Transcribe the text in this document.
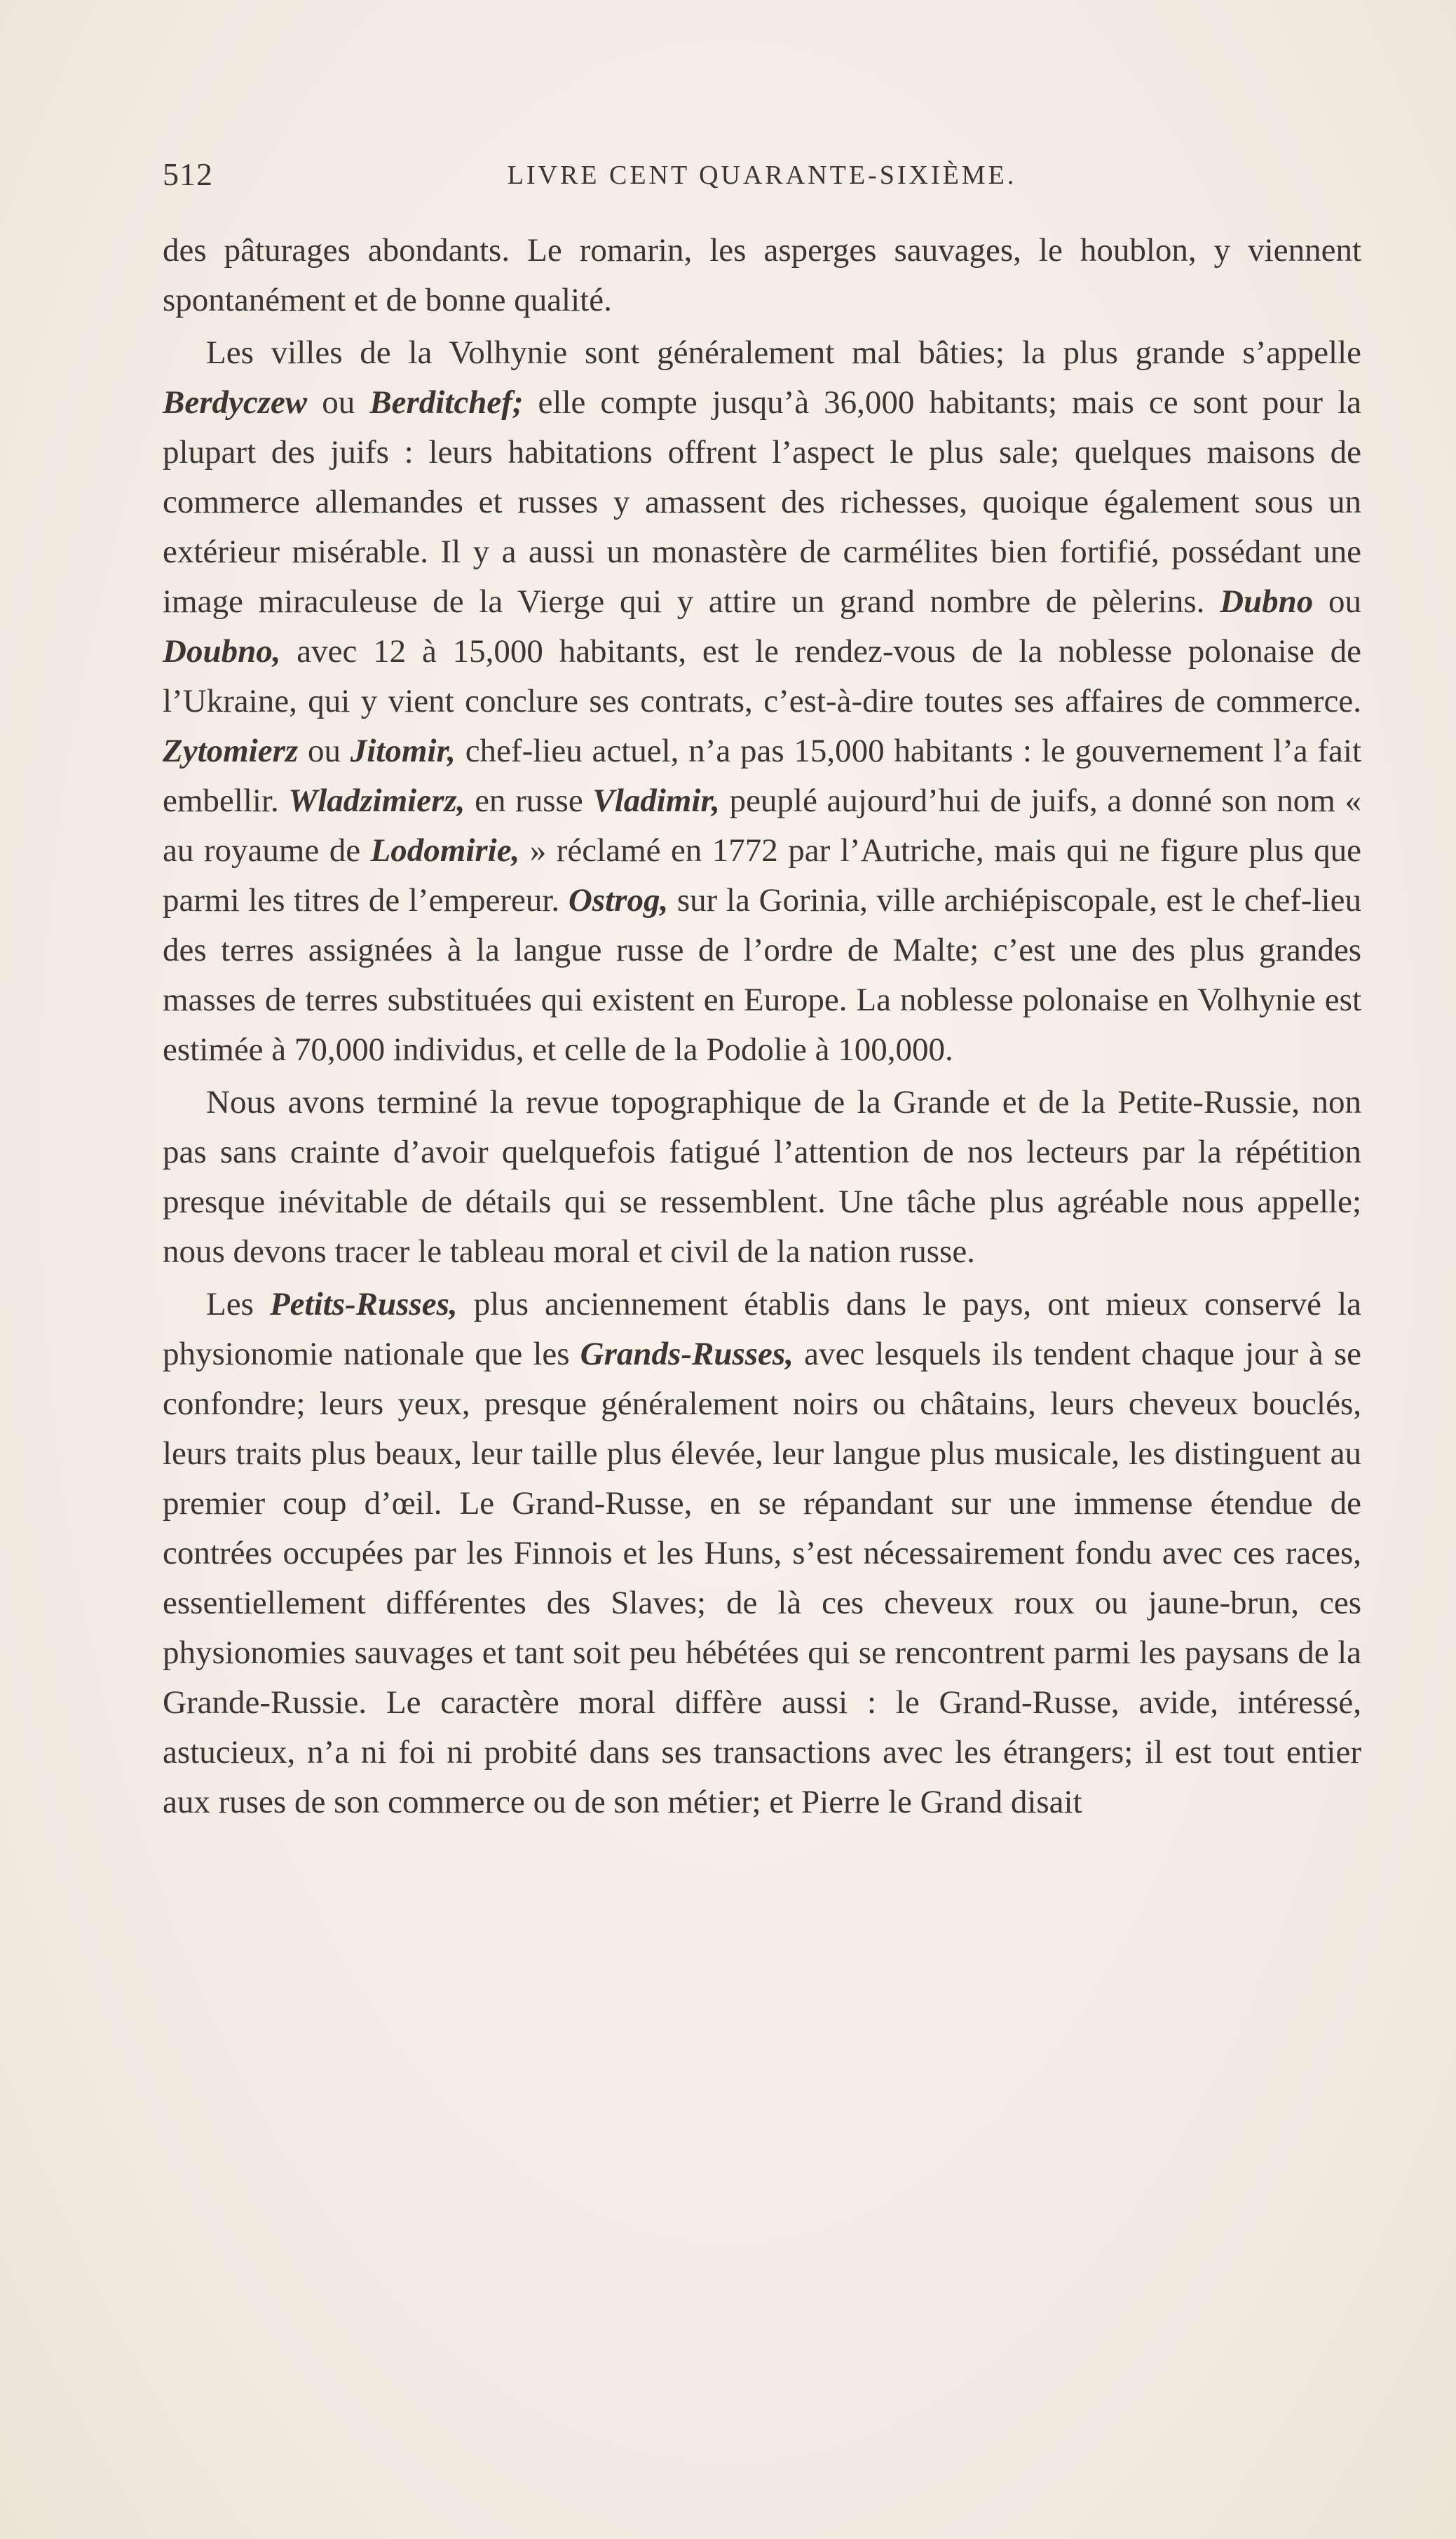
512	LIVRE CENT QUARANTE-SIXIÈME.

des pâturages abondants. Le romarin, les asperges sauvages, le houblon, y viennent spontanément et de bonne qualité.

Les villes de la Volhynie sont généralement mal bâties; la plus grande s’appelle Berdyczew ou Berditchef; elle compte jusqu’à 36,000 habitants; mais ce sont pour la plupart des juifs : leurs habitations offrent l’aspect le plus sale; quelques maisons de commerce allemandes et russes y amassent des richesses, quoique également sous un extérieur misérable. Il y a aussi un monastère de carmélites bien fortifié, possédant une image miraculeuse de la Vierge qui y attire un grand nombre de pèlerins. Dubno ou Doubno, avec 12 à 15,000 habitants, est le rendez-vous de la noblesse polonaise de l’Ukraine, qui y vient conclure ses contrats, c’est-à-dire toutes ses affaires de commerce. Zytomierz ou Jitomir, chef-lieu actuel, n’a pas 15,000 habitants : le gouvernement l’a fait embellir. Wladzimierz, en russe Vladimir, peuplé aujourd’hui de juifs, a donné son nom « au royaume de Lodomirie, » réclamé en 1772 par l’Autriche, mais qui ne figure plus que parmi les titres de l’empereur. Ostrog, sur la Gorinia, ville archiépiscopale, est le chef-lieu des terres assignées à la langue russe de l’ordre de Malte; c’est une des plus grandes masses de terres substituées qui existent en Europe. La noblesse polonaise en Volhynie est estimée à 70,000 individus, et celle de la Podolie à 100,000.

Nous avons terminé la revue topographique de la Grande et de la Petite-Russie, non pas sans crainte d’avoir quelquefois fatigué l’attention de nos lecteurs par la répétition presque inévitable de détails qui se ressemblent. Une tâche plus agréable nous appelle; nous devons tracer le tableau moral et civil de la nation russe.

Les Petits-Russes, plus anciennement établis dans le pays, ont mieux conservé la physionomie nationale que les Grands-Russes, avec lesquels ils tendent chaque jour à se confondre; leurs yeux, presque généralement noirs ou châtains, leurs cheveux bouclés, leurs traits plus beaux, leur taille plus élevée, leur langue plus musicale, les distinguent au premier coup d’œil. Le Grand-Russe, en se répandant sur une immense étendue de contrées occupées par les Finnois et les Huns, s’est nécessairement fondu avec ces races, essentiellement différentes des Slaves; de là ces cheveux roux ou jaune-brun, ces physionomies sauvages et tant soit peu hébétées qui se rencontrent parmi les paysans de la Grande-Russie. Le caractère moral diffère aussi : le Grand-Russe, avide, intéressé, astucieux, n’a ni foi ni probité dans ses transactions avec les étrangers; il est tout entier aux ruses de son commerce ou de son métier; et Pierre le Grand disait
